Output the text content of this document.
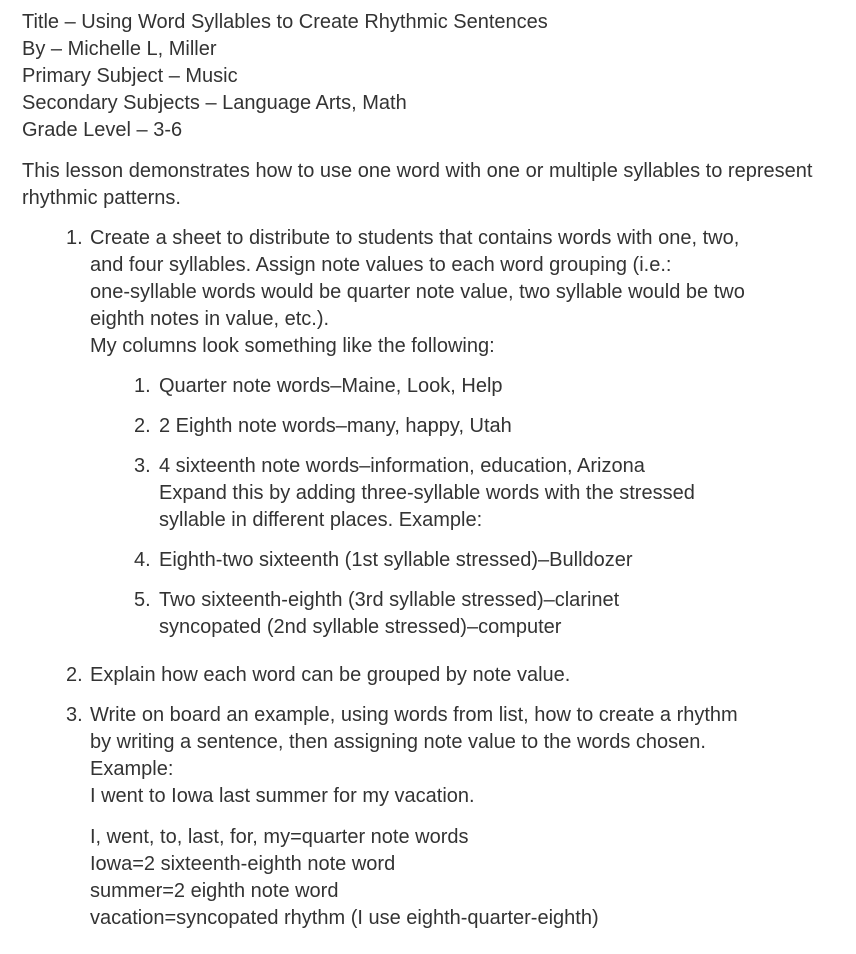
Title – Using Word Syllables to Create Rhythmic Sentences
By – Michelle L, Miller
Primary Subject – Music
Secondary Subjects – Language Arts, Math
Grade Level – 3-6

This lesson demonstrates how to use one word with one or multiple syllables to represent rhythmic patterns.

1. Create a sheet to distribute to students that contains words with one, two,
and four syllables. Assign note values to each word grouping (i.e.:
one-syllable words would be quarter note value, two syllable would be two
eighth notes in value, etc.).
My columns look something like the following:
1. Quarter note words–Maine, Look, Help
2. 2 Eighth note words–many, happy, Utah
3. 4 sixteenth note words–information, education, Arizona
Expand this by adding three-syllable words with the stressed
syllable in different places. Example:
4. Eighth-two sixteenth (1st syllable stressed)–Bulldozer
5. Two sixteenth-eighth (3rd syllable stressed)–clarinet
syncopated (2nd syllable stressed)–computer
2. Explain how each word can be grouped by note value.
3. Write on board an example, using words from list, how to create a rhythm
by writing a sentence, then assigning note value to the words chosen.
Example:
I went to Iowa last summer for my vacation.
I, went, to, last, for, my=quarter note words
Iowa=2 sixteenth-eighth note word
summer=2 eighth note word
vacation=syncopated rhythm (I use eighth-quarter-eighth)
